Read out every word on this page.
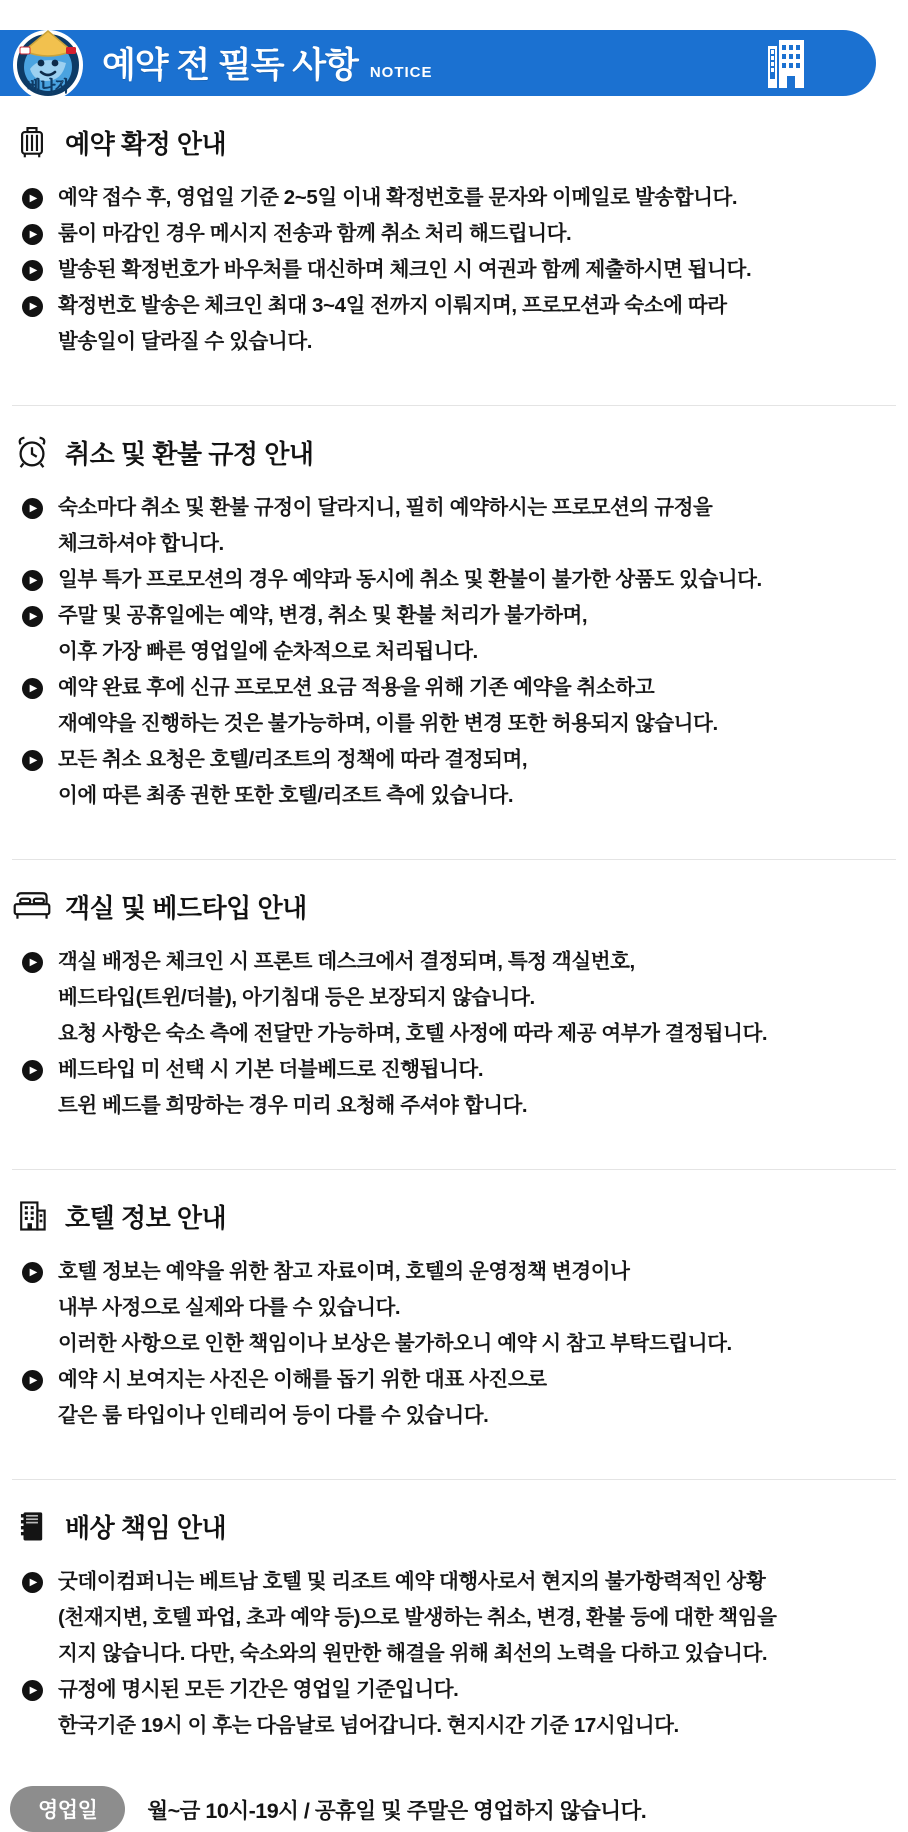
예약 전 필독 사항 NOTICE
베나자
예약 확정 안내
▶ 예약 접수 후, 영업일 기준 2~5일 이내 확정번호를 문자와 이메일로 발송합니다.
▶ 룸이 마감인 경우 메시지 전송과 함께 취소 처리 해드립니다.
▶ 발송된 확정번호가 바우처를 대신하며 체크인 시 여권과 함께 제출하시면 됩니다.
▶ 확정번호 발송은 체크인 최대 3~4일 전까지 이뤄지며, 프로모션과 숙소에 따라
발송일이 달라질 수 있습니다.
취소 및 환불 규정 안내
▶ 숙소마다 취소 및 환불 규정이 달라지니, 필히 예약하시는 프로모션의 규정을
체크하셔야 합니다.
▶ 일부 특가 프로모션의 경우 예약과 동시에 취소 및 환불이 불가한 상품도 있습니다.
▶ 주말 및 공휴일에는 예약, 변경, 취소 및 환불 처리가 불가하며,
이후 가장 빠른 영업일에 순차적으로 처리됩니다.
▶ 예약 완료 후에 신규 프로모션 요금 적용을 위해 기존 예약을 취소하고
재예약을 진행하는 것은 불가능하며, 이를 위한 변경 또한 허용되지 않습니다.
▶ 모든 취소 요청은 호텔/리조트의 정책에 따라 결정되며,
이에 따른 최종 권한 또한 호텔/리조트 측에 있습니다.
객실 및 베드타입 안내
▶ 객실 배정은 체크인 시 프론트 데스크에서 결정되며, 특정 객실번호,
베드타입(트윈/더블), 아기침대 등은 보장되지 않습니다.
요청 사항은 숙소 측에 전달만 가능하며, 호텔 사정에 따라 제공 여부가 결정됩니다.
▶ 베드타입 미 선택 시 기본 더블베드로 진행됩니다.
트윈 베드를 희망하는 경우 미리 요청해 주셔야 합니다.
호텔 정보 안내
▶ 호텔 정보는 예약을 위한 참고 자료이며, 호텔의 운영정책 변경이나
내부 사정으로 실제와 다를 수 있습니다.
이러한 사항으로 인한 책임이나 보상은 불가하오니 예약 시 참고 부탁드립니다.
▶ 예약 시 보여지는 사진은 이해를 돕기 위한 대표 사진으로
같은 룸 타입이나 인테리어 등이 다를 수 있습니다.
배상 책임 안내
▶ 굿데이컴퍼니는 베트남 호텔 및 리조트 예약 대행사로서 현지의 불가항력적인 상황
(천재지변, 호텔 파업, 초과 예약 등)으로 발생하는 취소, 변경, 환불 등에 대한 책임을
지지 않습니다. 다만, 숙소와의 원만한 해결을 위해 최선의 노력을 다하고 있습니다.
▶ 규정에 명시된 모든 기간은 영업일 기준입니다.
한국기준 19시 이 후는 다음날로 넘어갑니다. 현지시간 기준 17시입니다.
영업일	월~금 10시-19시 / 공휴일 및 주말은 영업하지 않습니다.
